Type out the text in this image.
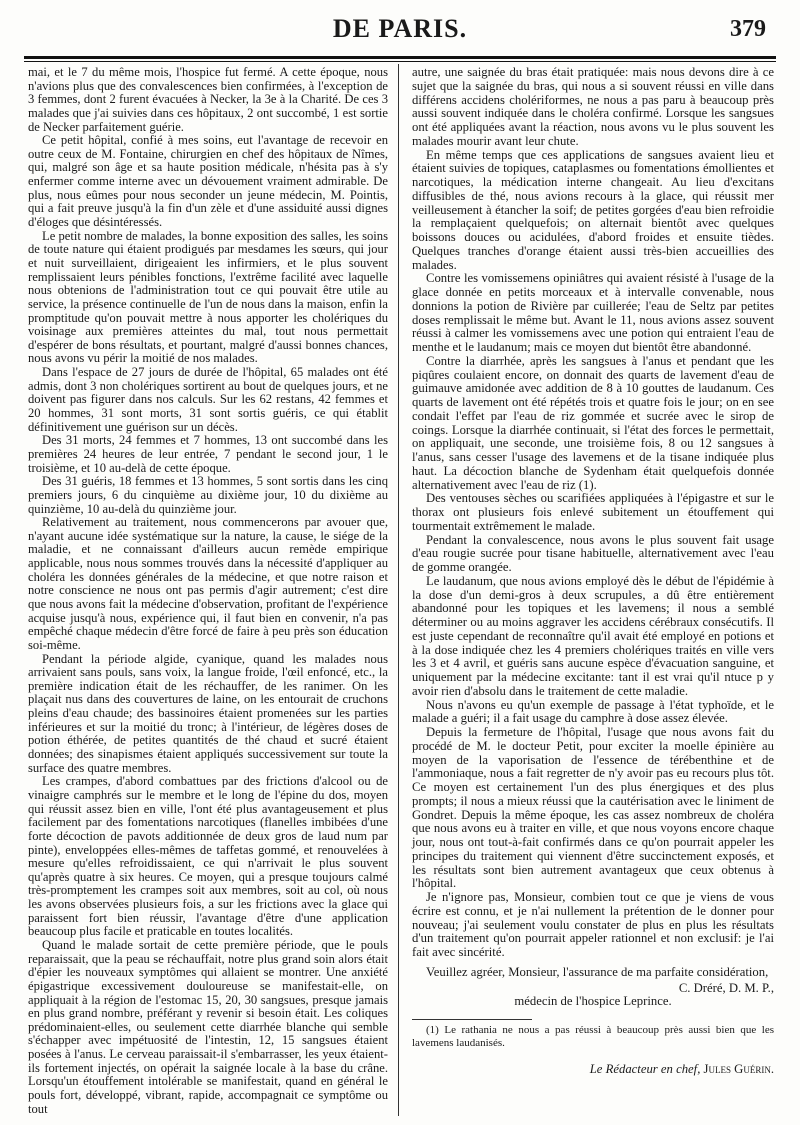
DE PARIS.	379

mai, et le 7 du même mois, l'hospice fut fermé. A cette époque, nous n'avions plus que des convalescences bien confirmées, à l'exception de 3 femmes, dont 2 furent évacuées à Necker, la 3e à la Charité. De ces 3 malades que j'ai suivies dans ces hôpitaux, 2 ont succombé, 1 est sortie de Necker parfaitement guérie.

Ce petit hôpital, confié à mes soins, eut l'avantage de recevoir en outre ceux de M. Fontaine, chirurgien en chef des hôpitaux de Nîmes, qui, malgré son âge et sa haute position médicale, n'hésita pas à s'y enfermer comme interne avec un dévouement vraiment admirable. De plus, nous eûmes pour nous seconder un jeune médecin, M. Pointis, qui a fait preuve jusqu'à la fin d'un zèle et d'une assiduité aussi dignes d'éloges que désintéressés.

Le petit nombre de malades, la bonne exposition des salles, les soins de toute nature qui étaient prodigués par mesdames les sœurs, qui jour et nuit surveillaient, dirigeaient les infirmiers, et le plus souvent remplissaient leurs pénibles fonctions, l'extrême facilité avec laquelle nous obtenions de l'administration tout ce qui pouvait être utile au service, la présence continuelle de l'un de nous dans la maison, enfin la promptitude qu'on pouvait mettre à nous apporter les cholériques du voisinage aux premières atteintes du mal, tout nous permettait d'espérer de bons résultats, et pourtant, malgré d'aussi bonnes chances, nous avons vu périr la moitié de nos malades.

Dans l'espace de 27 jours de durée de l'hôpital, 65 malades ont été admis, dont 3 non cholériques sortirent au bout de quelques jours, et ne doivent pas figurer dans nos calculs. Sur les 62 restans, 42 femmes et 20 hommes, 31 sont morts, 31 sont sortis guéris, ce qui établit définitivement une guérison sur un décès.

Des 31 morts, 24 femmes et 7 hommes, 13 ont succombé dans les premières 24 heures de leur entrée, 7 pendant le second jour, 1 le troisième, et 10 au-delà de cette époque.

Des 31 guéris, 18 femmes et 13 hommes, 5 sont sortis dans les cinq premiers jours, 6 du cinquième au dixième jour, 10 du dixième au quinzième, 10 au-delà du quinzième jour.

Relativement au traitement, nous commencerons par avouer que, n'ayant aucune idée systématique sur la nature, la cause, le siége de la maladie, et ne connaissant d'ailleurs aucun remède empirique applicable, nous nous sommes trouvés dans la nécessité d'appliquer au choléra les données générales de la médecine, et que notre raison et notre conscience ne nous ont pas permis d'agir autrement; c'est dire que nous avons fait la médecine d'observation, profitant de l'expérience acquise jusqu'à nous, expérience qui, il faut bien en convenir, n'a pas empêché chaque médecin d'être forcé de faire à peu près son éducation soi-même.

Pendant la période algide, cyanique, quand les malades nous arrivaient sans pouls, sans voix, la langue froide, l'œil enfoncé, etc., la première indication était de les réchauffer, de les ranimer. On les plaçait nus dans des couvertures de laine, on les entourait de cruchons pleins d'eau chaude; des bassinoires étaient promenées sur les parties inférieures et sur la moitié du tronc; à l'intérieur, de légères doses de potion éthérée, de petites quantités de thé chaud et sucré étaient données; des sinapismes étaient appliqués successivement sur toute la surface des quatre membres.

Les crampes, d'abord combattues par des frictions d'alcool ou de vinaigre camphrés sur le membre et le long de l'épine du dos, moyen qui réussit assez bien en ville, l'ont été plus avantageusement et plus facilement par des fomentations narcotiques (flanelles imbibées d'une forte décoction de pavots additionnée de deux gros de laud num par pinte), enveloppées elles-mêmes de taffetas gommé, et renouvelées à mesure qu'elles refroidissaient, ce qui n'arrivait le plus souvent qu'après quatre à six heures. Ce moyen, qui a presque toujours calmé très-promptement les crampes soit aux membres, soit au col, où nous les avons observées plusieurs fois, a sur les frictions avec la glace qui paraissent fort bien réussir, l'avantage d'être d'une application beaucoup plus facile et praticable en toutes localités.

Quand le malade sortait de cette première période, que le pouls reparaissait, que la peau se réchauffait, notre plus grand soin alors était d'épier les nouveaux symptômes qui allaient se montrer. Une anxiété épigastrique excessivement douloureuse se manifestait-elle, on appliquait à la région de l'estomac 15, 20, 30 sangsues, presque jamais en plus grand nombre, préférant y revenir si besoin était. Les coliques prédominaient-elles, ou seulement cette diarrhée blanche qui semble s'échapper avec impétuosité de l'intestin, 12, 15 sangsues étaient posées à l'anus. Le cerveau paraissait-il s'embarrasser, les yeux étaient-ils fortement injectés, on opérait la saignée locale à la base du crâne. Lorsqu'un étouffement intolérable se manifestait, quand en général le pouls fort, développé, vibrant, rapide, accompagnait ce symptôme ou tout

autre, une saignée du bras était pratiquée: mais nous devons dire à ce sujet que la saignée du bras, qui nous a si souvent réussi en ville dans différens accidens cholériformes, ne nous a pas paru à beaucoup près aussi souvent indiquée dans le choléra confirmé. Lorsque les sangsues ont été appliquées avant la réaction, nous avons vu le plus souvent les malades mourir avant leur chute.

En même temps que ces applications de sangsues avaient lieu et étaient suivies de topiques, cataplasmes ou fomentations émollientes et narcotiques, la médication interne changeait. Au lieu d'excitans diffusibles de thé, nous avions recours à la glace, qui réussit mer veilleusement à étancher la soif; de petites gorgées d'eau bien refroidie la remplaçaient quelquefois; on alternait bientôt avec quelques boissons douces ou acidulées, d'abord froides et ensuite tièdes. Quelques tranches d'orange étaient aussi très-bien accueillies des malades.

Contre les vomissemens opiniâtres qui avaient résisté à l'usage de la glace donnée en petits morceaux et à intervalle convenable, nous donnions la potion de Rivière par cuillerée; l'eau de Seltz par petites doses remplissait le même but. Avant le 11, nous avions assez souvent réussi à calmer les vomissemens avec une potion qui entraient l'eau de menthe et le laudanum; mais ce moyen dut bientôt être abandonné.

Contre la diarrhée, après les sangsues à l'anus et pendant que les piqûres coulaient encore, on donnait des quarts de lavement d'eau de guimauve amidonée avec addition de 8 à 10 gouttes de laudanum. Ces quarts de lavement ont été répétés trois et quatre fois le jour; on en see condait l'effet par l'eau de riz gommée et sucrée avec le sirop de coings. Lorsque la diarrhée continuait, si l'état des forces le permettait, on appliquait, une seconde, une troisième fois, 8 ou 12 sangsues à l'anus, sans cesser l'usage des lavemens et de la tisane indiquée plus haut. La décoction blanche de Sydenham était quelquefois donnée alternativement avec l'eau de riz (1).

Des ventouses sèches ou scarifiées appliquées à l'épigastre et sur le thorax ont plusieurs fois enlevé subitement un étouffement qui tourmentait extrêmement le malade.

Pendant la convalescence, nous avons le plus souvent fait usage d'eau rougie sucrée pour tisane habituelle, alternativement avec l'eau de gomme orangée.

Le laudanum, que nous avions employé dès le début de l'épidémie à la dose d'un demi-gros à deux scrupules, a dû être entièrement abandonné pour les topiques et les lavemens; il nous a semblé déterminer ou au moins aggraver les accidens cérébraux consécutifs. Il est juste cependant de reconnaître qu'il avait été employé en potions et à la dose indiquée chez les 4 premiers cholériques traités en ville vers les 3 et 4 avril, et guéris sans aucune espèce d'évacuation sanguine, et uniquement par la médecine excitante: tant il est vrai qu'il ntuce p y avoir rien d'absolu dans le traitement de cette maladie.

Nous n'avons eu qu'un exemple de passage à l'état typhoïde, et le malade a guéri; il a fait usage du camphre à dose assez élevée.

Depuis la fermeture de l'hôpital, l'usage que nous avons fait du procédé de M. le docteur Petit, pour exciter la moelle épinière au moyen de la vaporisation de l'essence de térébenthine et de l'ammoniaque, nous a fait regretter de n'y avoir pas eu recours plus tôt. Ce moyen est certainement l'un des plus énergiques et des plus prompts; il nous a mieux réussi que la cautérisation avec le liniment de Gondret. Depuis la même époque, les cas assez nombreux de choléra que nous avons eu à traiter en ville, et que nous voyons encore chaque jour, nous ont tout-à-fait confirmés dans ce qu'on pourrait appeler les principes du traitement qui viennent d'être succinctement exposés, et les résultats sont bien autrement avantageux que ceux obtenus à l'hôpital.

Je n'ignore pas, Monsieur, combien tout ce que je viens de vous écrire est connu, et je n'ai nullement la prétention de le donner pour nouveau; j'ai seulement voulu constater de plus en plus les résultats d'un traitement qu'on pourrait appeler rationnel et non exclusif: je l'ai fait avec sincérité.

Veuillez agréer, Monsieur, l'assurance de ma parfaite considération,

C. Dréré, D. M. P.,

médecin de l'hospice Leprince.

(1) Le rathania ne nous a pas réussi à beaucoup près aussi bien que les lavemens laudanisés.

Le Rédacteur en chef, Jules Guérin.
